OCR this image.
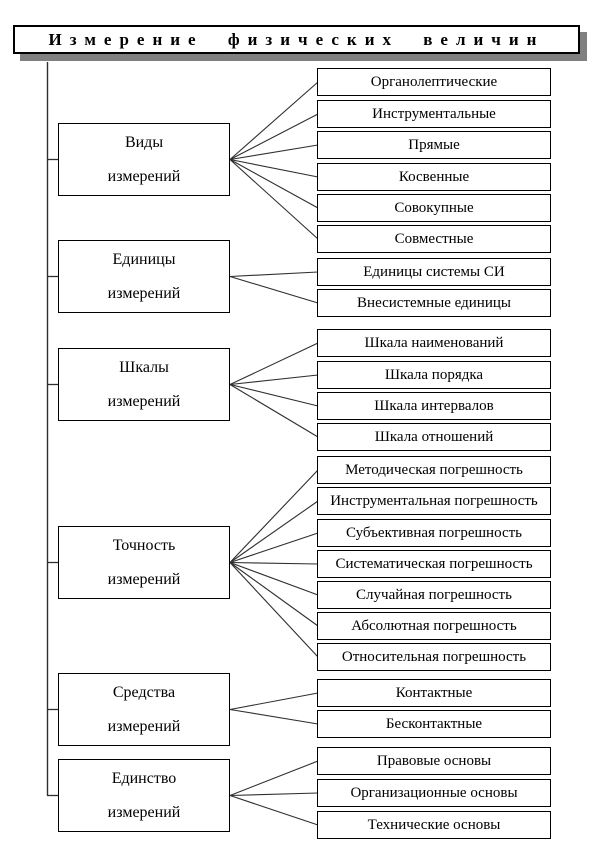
Измерение физических величин
Виды
измерений
Единицы
измерений
Шкалы
измерений
Точность
измерений
Средства
измерений
Единство
измерений
Органолептические
Инструментальные
Прямые
Косвенные
Совокупные
Совместные
Единицы системы СИ
Внесистемные единицы
Шкала наименований
Шкала порядка
Шкала интервалов
Шкала отношений
Методическая погрешность
Инструментальная погрешность
Субъективная погрешность
Систематическая погрешность
Случайная погрешность
Абсолютная погрешность
Относительная погрешность
Контактные
Бесконтактные
Правовые основы
Организационные основы
Технические основы
